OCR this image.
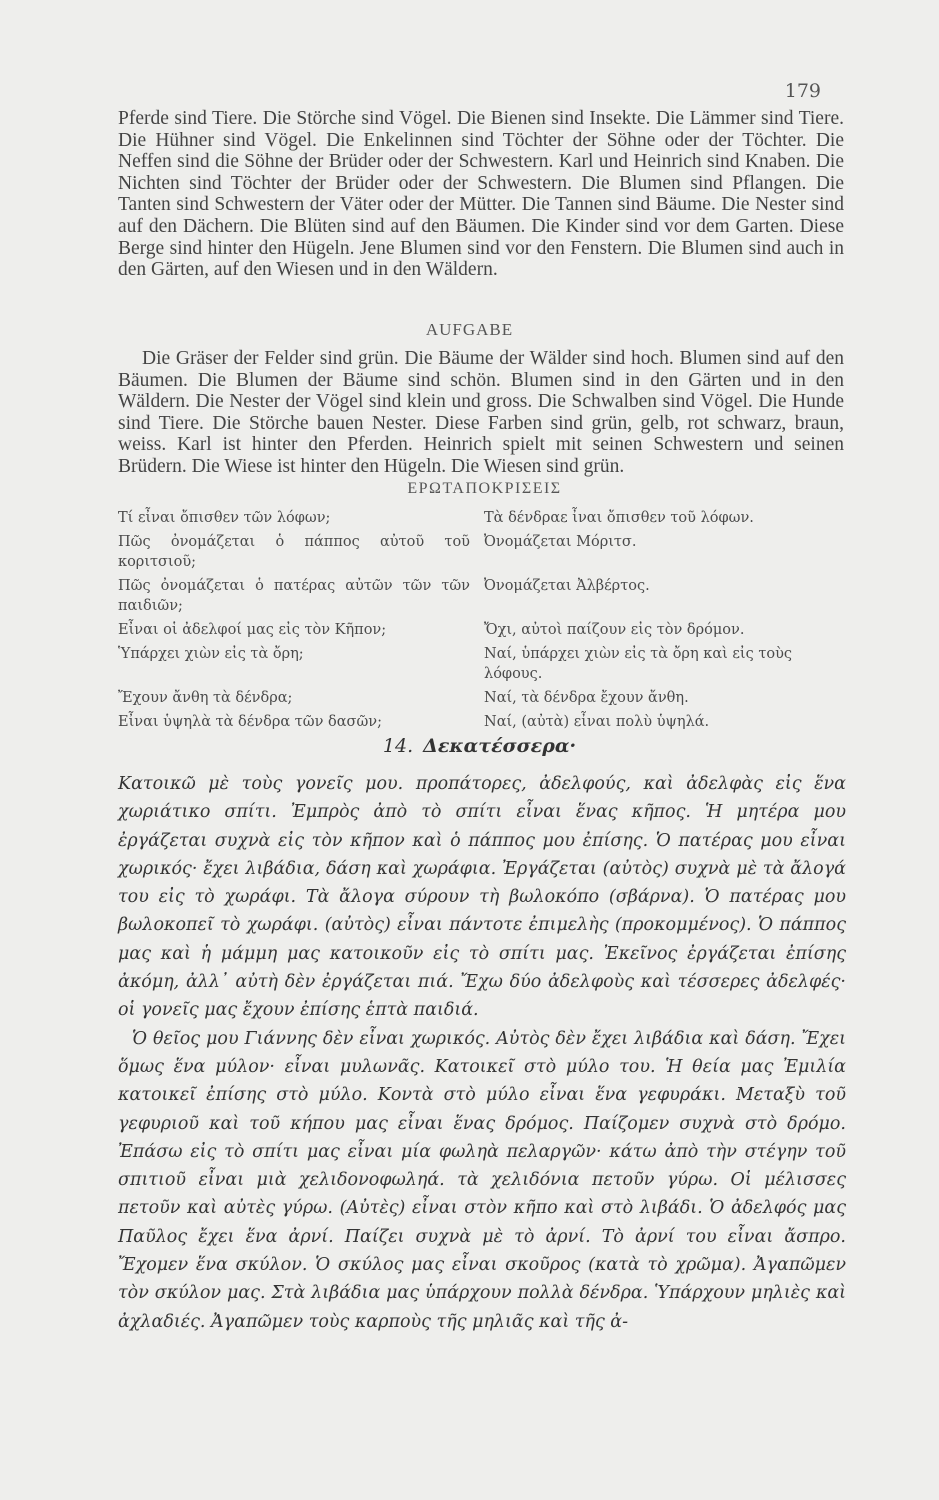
179

Pferde sind Tiere. Die Störche sind Vögel. Die Bienen sind Insekte. Die Lämmer sind Tiere. Die Hühner sind Vögel. Die Enkelinnen sind Töchter der Söhne oder der Töchter. Die Neffen sind die Söhne der Brüder oder der Schwestern. Karl und Heinrich sind Knaben. Die Nichten sind Töchter der Brüder oder der Schwestern. Die Blumen sind Pflangen. Die Tanten sind Schwestern der Väter oder der Mütter. Die Tannen sind Bäume. Die Nester sind auf den Dächern. Die Blüten sind auf den Bäumen. Die Kinder sind vor dem Garten. Diese Berge sind hinter den Hügeln. Jene Blumen sind vor den Fenstern. Die Blumen sind auch in den Gärten, auf den Wiesen und in den Wäldern.

AUFGABE

Die Gräser der Felder sind grün. Die Bäume der Wälder sind hoch. Blumen sind auf den Bäumen. Die Blumen der Bäume sind schön. Blumen sind in den Gärten und in den Wäldern. Die Nester der Vögel sind klein und gross. Die Schwalben sind Vögel. Die Hunde sind Tiere. Die Störche bauen Nester. Diese Farben sind grün, gelb, rot schwarz, braun, weiss. Karl ist hinter den Pferden. Heinrich spielt mit seinen Schwestern und seinen Brüdern. Die Wiese ist hinter den Hügeln. Die Wiesen sind grün.

ΕΡΩΤΑΠΟΚΡΙΣΕΙΣ
Τί εἶναι ὄπισθεν τῶν λόφων;	Τὰ δένδραε ἶναι ὄπισθεν τοῦ λόφων.
Πῶς ὀνομάζεται ὁ πάππος αὐτοῦ τοῦ κοριτσιοῦ;	Ὀνομάζεται Μόριτσ.
Πῶς ὀνομάζεται ὁ πατέρας αὐτῶν τῶν τῶν παιδιῶν;	Ὀνομάζεται Ἀλβέρτος.
Εἶναι οἱ ἀδελφοί μας εἰς τὸν Κῆπον;	Ὄχι, αὐτοὶ παίζουν εἰς τὸν δρόμον.
Ὑπάρχει χιὼν εἰς τὰ ὄρη;	Ναί, ὑπάρχει χιὼν εἰς τὰ ὄρη καὶ εἰς τοὺς λόφους.
Ἔχουν ἄνθη τὰ δένδρα;	Ναί, τὰ δένδρα ἔχουν ἄνθη.
Εἶναι ὑψηλὰ τὰ δένδρα τῶν δασῶν;	Ναί, (αὐτὰ) εἶναι πολὺ ὑψηλά.
14. Δεκατέσσερα·

Κατοικῶ μὲ τοὺς γονεῖς μου. προπάτορες, ἀδελφούς, καὶ ἀδελφὰς εἰς ἕνα χωριάτικο σπίτι. Ἐμπρὸς ἀπὸ τὸ σπίτι εἶναι ἕνας κῆπος. Ἡ μητέρα μου ἐργάζεται συχνὰ εἰς τὸν κῆπον καὶ ὁ πάππος μου ἐπίσης. Ὁ πατέρας μου εἶναι χωρικός· ἔχει λιβάδια, δάση καὶ χωράφια. Ἐργάζεται (αὐτὸς) συχνὰ μὲ τὰ ἄλογά του εἰς τὸ χωράφι. Τὰ ἄλογα σύρουν τὴ βωλοκόπο (σβάρνα). Ὁ πατέρας μου βωλοκοπεῖ τὸ χωράφι. (αὐτὸς) εἶναι πάντοτε ἐπιμελὴς (προκομμένος). Ὁ πάππος μας καὶ ἡ μάμμη μας κατοικοῦν εἰς τὸ σπίτι μας. Ἐκεῖνος ἐργάζεται ἐπίσης ἀκόμη, ἀλλ᾽ αὐτὴ δὲν ἐργάζεται πιά. Ἔχω δύο ἀδελφοὺς καὶ τέσσερες ἀδελφές· οἱ γονεῖς μας ἔχουν ἐπίσης ἑπτὰ παιδιά.

Ὁ θεῖος μου Γιάννης δὲν εἶναι χωρικός. Αὐτὸς δὲν ἔχει λιβάδια καὶ δάση. Ἔχει ὅμως ἕνα μύλον· εἶναι μυλωνᾶς. Κατοικεῖ στὸ μύλο του. Ἡ θεία μας Ἐμιλία κατοικεῖ ἐπίσης στὸ μύλο. Κοντὰ στὸ μύλο εἶναι ἕνα γεφυράκι. Μεταξὺ τοῦ γεφυριοῦ καὶ τοῦ κήπου μας εἶναι ἕνας δρόμος. Παίζομεν συχνὰ στὸ δρόμο. Ἐπάσω εἰς τὸ σπίτι μας εἶναι μία φωληὰ πελαργῶν· κάτω ἀπὸ τὴν στέγην τοῦ σπιτιοῦ εἶναι μιὰ χελιδονοφωληά. τὰ χελιδόνια πετοῦν γύρω. Οἱ μέλισσες πετοῦν καὶ αὐτὲς γύρω. (Αὐτὲς) εἶναι στὸν κῆπο καὶ στὸ λιβάδι. Ὁ ἀδελφός μας Παῦλος ἔχει ἕνα ἀρνί. Παίζει συχνὰ μὲ τὸ ἀρνί. Τὸ ἀρνί του εἶναι ἄσπρο. Ἔχομεν ἕνα σκύλον. Ὁ σκύλος μας εἶναι σκοῦρος (κατὰ τὸ χρῶμα). Ἀγαπῶμεν τὸν σκύλον μας. Στὰ λιβάδια μας ὑπάρχουν πολλὰ δένδρα. Ὑπάρχουν μηλιὲς καὶ ἀχλαδιές. Ἀγαπῶμεν τοὺς καρποὺς τῆς μηλιᾶς καὶ τῆς ἀ-
